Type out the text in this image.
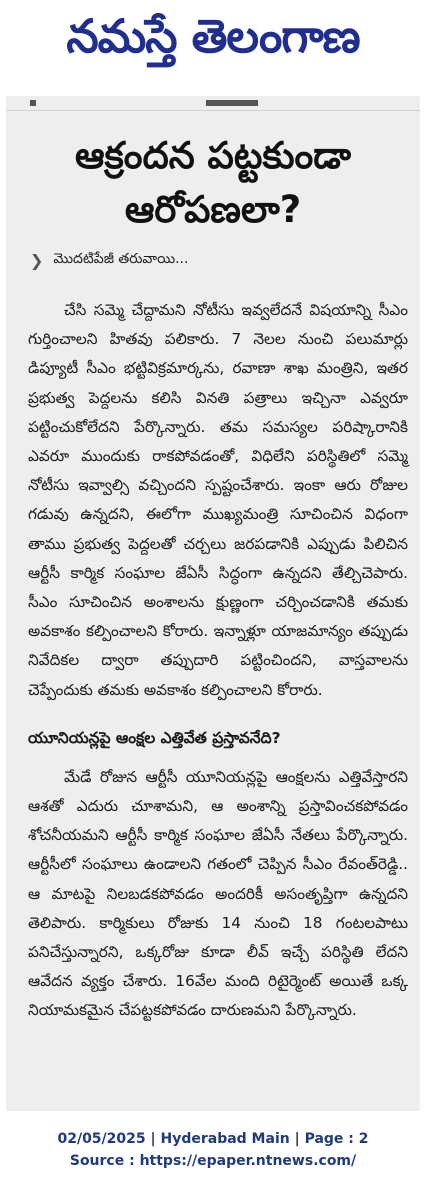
నమస్తే తెలంగాణ
ఆక్రందన పట్టకుండా
ఆరోపణలా?
❯ మొదటిపేజీ తరువాయి...

చేసి సమ్మె చేద్దామని నోటీసు ఇవ్వలేదనే విషయాన్ని సీఎం గుర్తించాలని హితవు పలికారు. 7 నెలల నుంచి పలుమార్లు డిప్యూటీ సీఎం భట్టివిక్రమార్కను, రవాణా శాఖ మంత్రిని, ఇతర ప్రభుత్వ పెద్దలను కలిసి వినతి పత్రాలు ఇచ్చినా ఎవ్వరూ పట్టించుకోలేదని పేర్కొన్నారు. తమ సమస్యల పరిష్కారానికి ఎవరూ ముందుకు రాకపోవడంతో, విధిలేని పరిస్థితిలో సమ్మె నోటీసు ఇవ్వాల్సి వచ్చిందని స్పష్టంచేశారు. ఇంకా ఆరు రోజుల గడువు ఉన్నదని, ఈలోగా ముఖ్యమంత్రి సూచించిన విధంగా తాము ప్రభుత్వ పెద్దలతో చర్చలు జరపడానికి ఎప్పుడు పిలిచిన ఆర్టీసీ కార్మిక సంఘాల జేఏసీ సిద్ధంగా ఉన్నదని తేల్చిచెపారు. సీఎం సూచించిన అంశాలను క్షుణ్ణంగా చర్చించడానికి తమకు అవకాశం కల్పించాలని కోరారు. ఇన్నాళ్లూ యాజమాన్యం తప్పుడు నివేదికల ద్వారా తప్పుదారి పట్టించిందని, వాస్తవాలను చెప్పేందుకు తమకు అవకాశం కల్పించాలని కోరారు.

యూనియన్లపై ఆంక్షల ఎత్తివేత ప్రస్తావనేది?

మేడే రోజున ఆర్టీసీ యూనియన్లపై ఆంక్షలను ఎత్తివేస్తారని ఆశతో ఎదురు చూశామని, ఆ అంశాన్ని ప్రస్తావించకపోవడం శోచనీయమని ఆర్టీసీ కార్మిక సంఘాల జేఏసీ నేతలు పేర్కొన్నారు. ఆర్టీసీలో సంఘాలు ఉండాలని గతంలో చెప్పిన సీఎం రేవంత్‌రెడ్డి.. ఆ మాటపై నిలబడకపోవడం అందరికీ అసంతృప్తిగా ఉన్నదని తెలిపారు. కార్మికులు రోజుకు 14 నుంచి 18 గంటలపాటు పనిచేస్తున్నారని, ఒక్కరోజు కూడా లీవ్ ఇచ్చే పరిస్థితి లేదని ఆవేదన వ్యక్తం చేశారు. 16వేల మంది రిటైర్మెంట్ అయితే ఒక్క నియామకమైన చేపట్టకపోవడం దారుణమని పేర్కొన్నారు.

02/05/2025 | Hyderabad Main | Page : 2
Source : https://epaper.ntnews.com/
